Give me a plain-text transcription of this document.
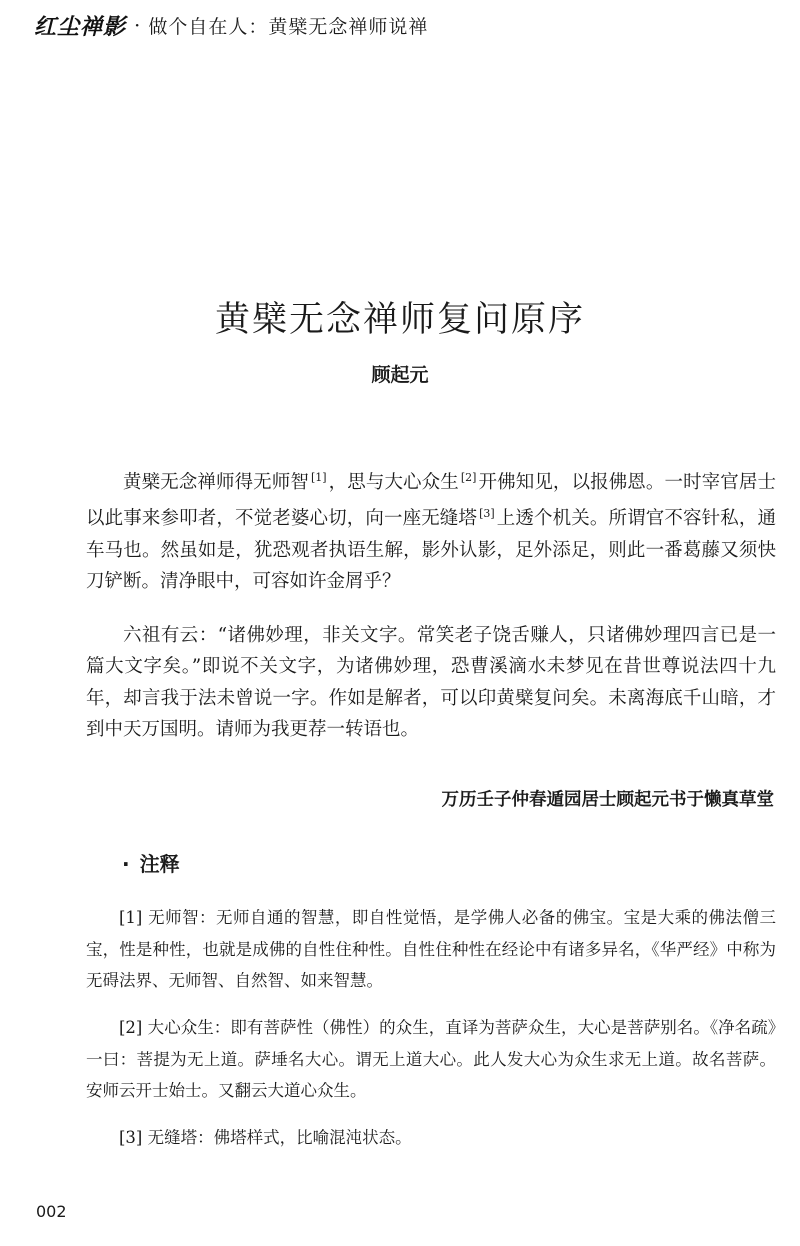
红尘禅影 · 做个自在人：黄檗无念禅师说禅
黄檗无念禅师复问原序
顾起元

黄檗无念禅师得无师智 [1] ，思与大心众生 [2] 开佛知见，以报佛恩。一时宰官居士以此事来参叩者，不觉老婆心切，向一座无缝塔 [3] 上透个机关。所谓官不容针私，通车马也。然虽如是，犹恐观者执语生解，影外认影，足外添足，则此一番葛藤又须快刀铲断。清净眼中，可容如许金屑乎？

六祖有云：“诸佛妙理，非关文字。常笑老子饶舌赚人，只诸佛妙理四言已是一篇大文字矣。”即说不关文字，为诸佛妙理，恐曹溪滴水未梦见在昔世尊说法四十九年，却言我于法未曾说一字。作如是解者，可以印黄檗复问矣。未离海底千山暗，才到中天万国明。请师为我更荐一转语也。

万历壬子仲春遁园居士顾起元书于懒真草堂
· 注释

[1] 无师智：无师自通的智慧，即自性觉悟，是学佛人必备的佛宝。宝是大乘的佛法僧三宝，性是种性，也就是成佛的自性住种性。自性住种性在经论中有诸多异名，《华严经》中称为无碍法界、无师智、自然智、如来智慧。

[2] 大心众生：即有菩萨性（佛性）的众生，直译为菩萨众生，大心是菩萨别名。《净名疏》一曰：菩提为无上道。萨埵名大心。谓无上道大心。此人发大心为众生求无上道。故名菩萨。安师云开士始士。又翻云大道心众生。

[3] 无缝塔：佛塔样式，比喻混沌状态。

002
